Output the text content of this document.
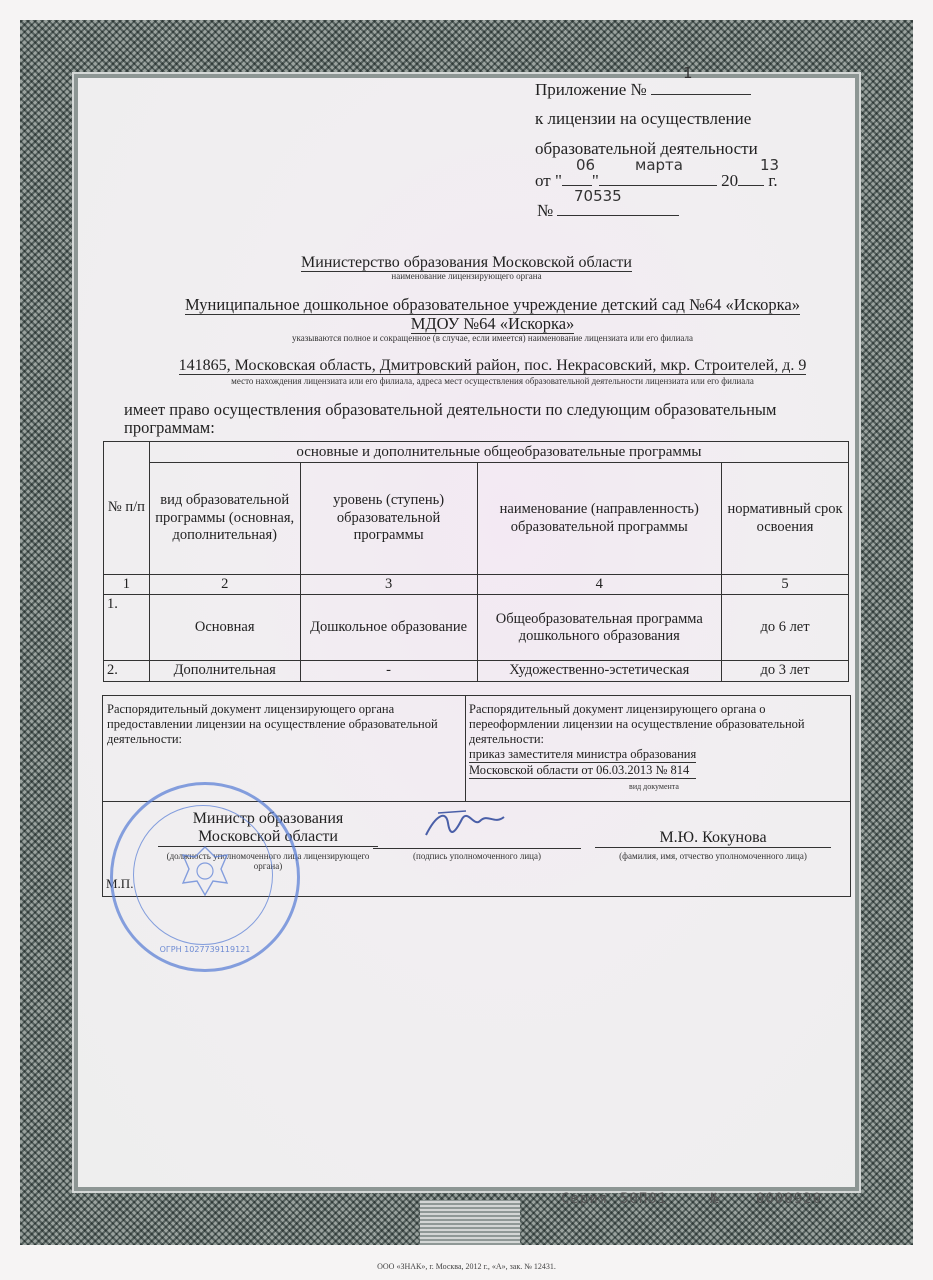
Приложение №
1
к лицензии на осуществление
образовательной деятельности
от " "	20 г.
06	марта	13
№
70535
Министерство образования Московской области
наименование лицензирующего органа
Муниципальное дошкольное образовательное учреждение детский сад №64 «Искорка»
МДОУ №64 «Искорка»
указываются полное и сокращенное (в случае, если имеется) наименование лицензиата или его филиала
141865, Московская область, Дмитровский район, пос. Некрасовский, мкр. Строителей, д. 9
место нахождения лицензиата или его филиала, адреса мест осуществления образовательной деятельности лицензиата или его филиала
имеет право осуществления образовательной деятельности по следующим образовательным программам:
№ п/п	основные и дополнительные общеобразовательные программы			
	вид образовательной программы (основная, дополнительная)	уровень (ступень) образовательной программы	наименование (направленность) образовательной программы	нормативный срок освоения
1	2	3	4	5
1.	Основная	Дошкольное образование	Общеобразовательная программа дошкольного образования	до 6 лет
2.	Дополнительная	-	Художественно-эстетическая	до 3 лет
Распорядительный документ лицензирующего органа предоставлении лицензии на осуществление образовательной деятельности:
Распорядительный документ лицензирующего органа о переоформлении лицензии на осуществление образовательной деятельности:
приказ заместителя министра образования
Московской области от 06.03.2013 № 814
вид документа
Министр образования
Московской области
(должность уполномоченного лица лицензирующего органа)
(подпись уполномоченного лица)
М.Ю. Кокунова
(фамилия, имя, отчество уполномоченного лица)
М.П.
ОГРН 1027739119121
Серия 50П01	№	0000920
ООО «ЗНАК», г. Москва, 2012 г., «А», зак. № 12431.
